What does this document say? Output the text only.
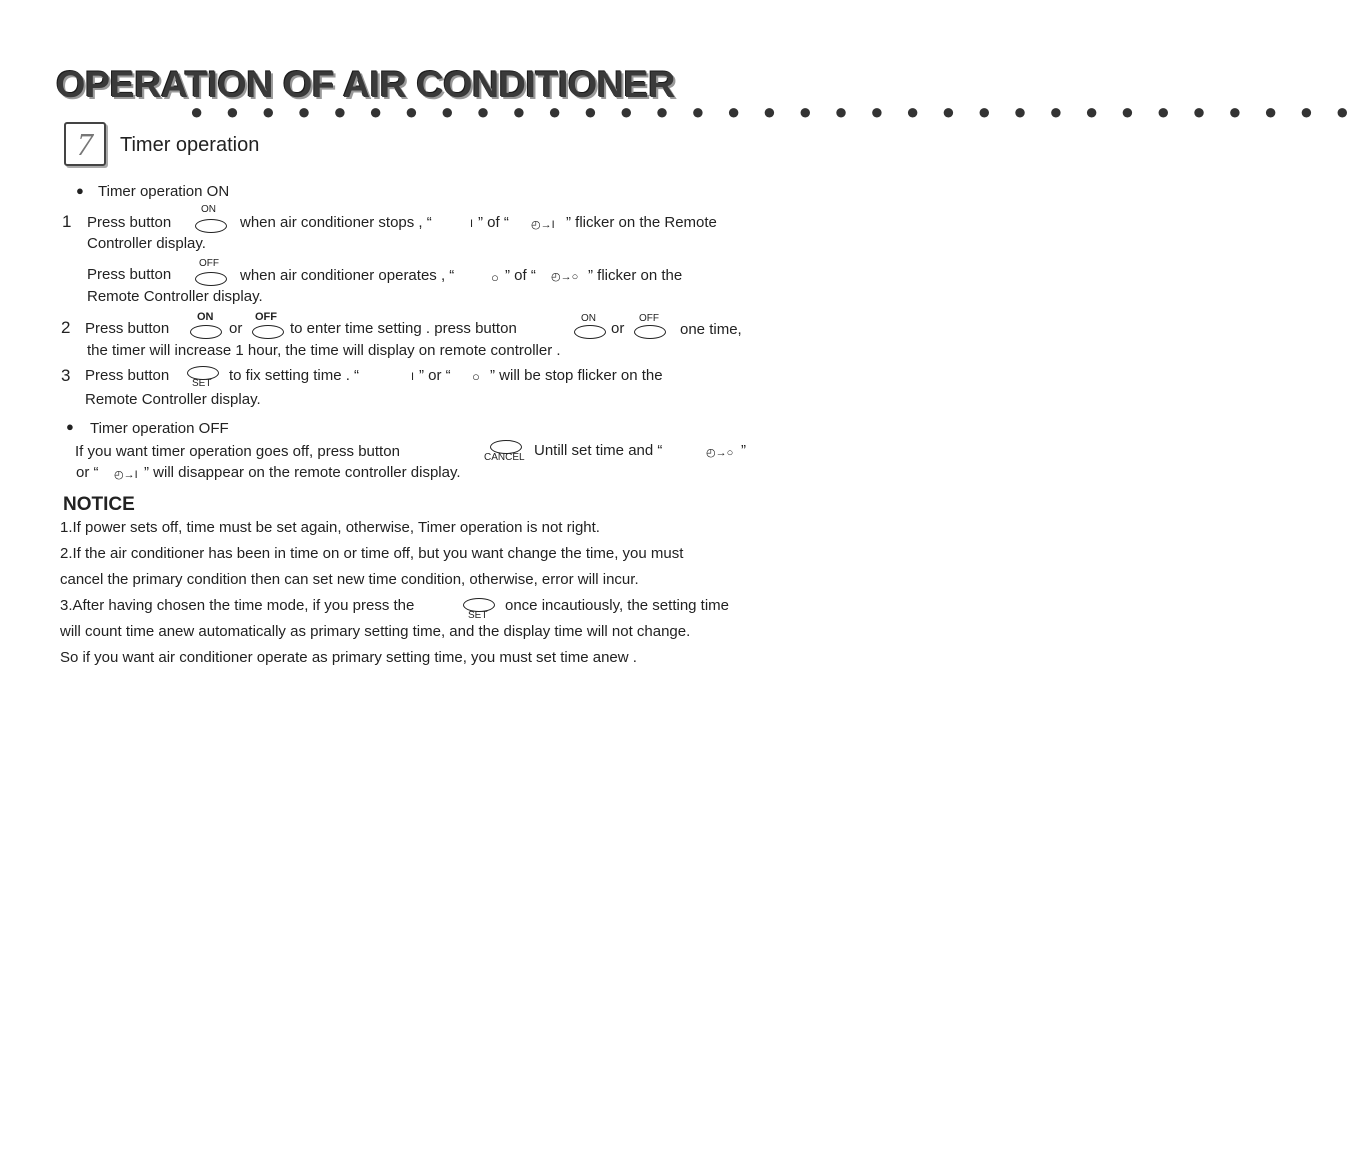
OPERATION OF AIR CONDITIONER
● ● ● ● ● ● ● ● ● ● ● ● ● ● ● ● ● ● ● ● ● ● ● ● ● ● ● ● ● ● ● ● ●
7	Timer operation
● Timer operation ON
1 Press button
ON
when air conditioner stops , “	I ” of “ ◴→I ” flicker on the Remote
Controller display.
Press button
OFF
when air conditioner operates , “	○ ” of “ ◴→○ ” flicker on the
Remote Controller display.
2 Press button
ON
or
OFF
to enter time setting . press button
ON
or
OFF
one time,
the timer will increase 1 hour, the time will display on remote controller .
3 Press button SET to fix setting time . “	I ” or “ ○ ” will be stop flicker on the
Remote Controller display.
● Timer operation OFF
If you want timer operation goes off, press button	CANCEL Untill set time and “	◴→○ ”
or “ ◴→I ” will disappear on the remote controller display.
NOTICE
1.If power sets off, time must be set again, otherwise, Timer operation is not right.
2.If the air conditioner has been in time on or time off, but you want change the time, you must
cancel the primary condition then can set new time condition, otherwise, error will incur.
3.After having chosen the time mode, if you press the
SET
once incautiously, the setting time
will count time anew automatically as primary setting time, and the display time will not change.
So if you want air conditioner operate as primary setting time, you must set time anew .
